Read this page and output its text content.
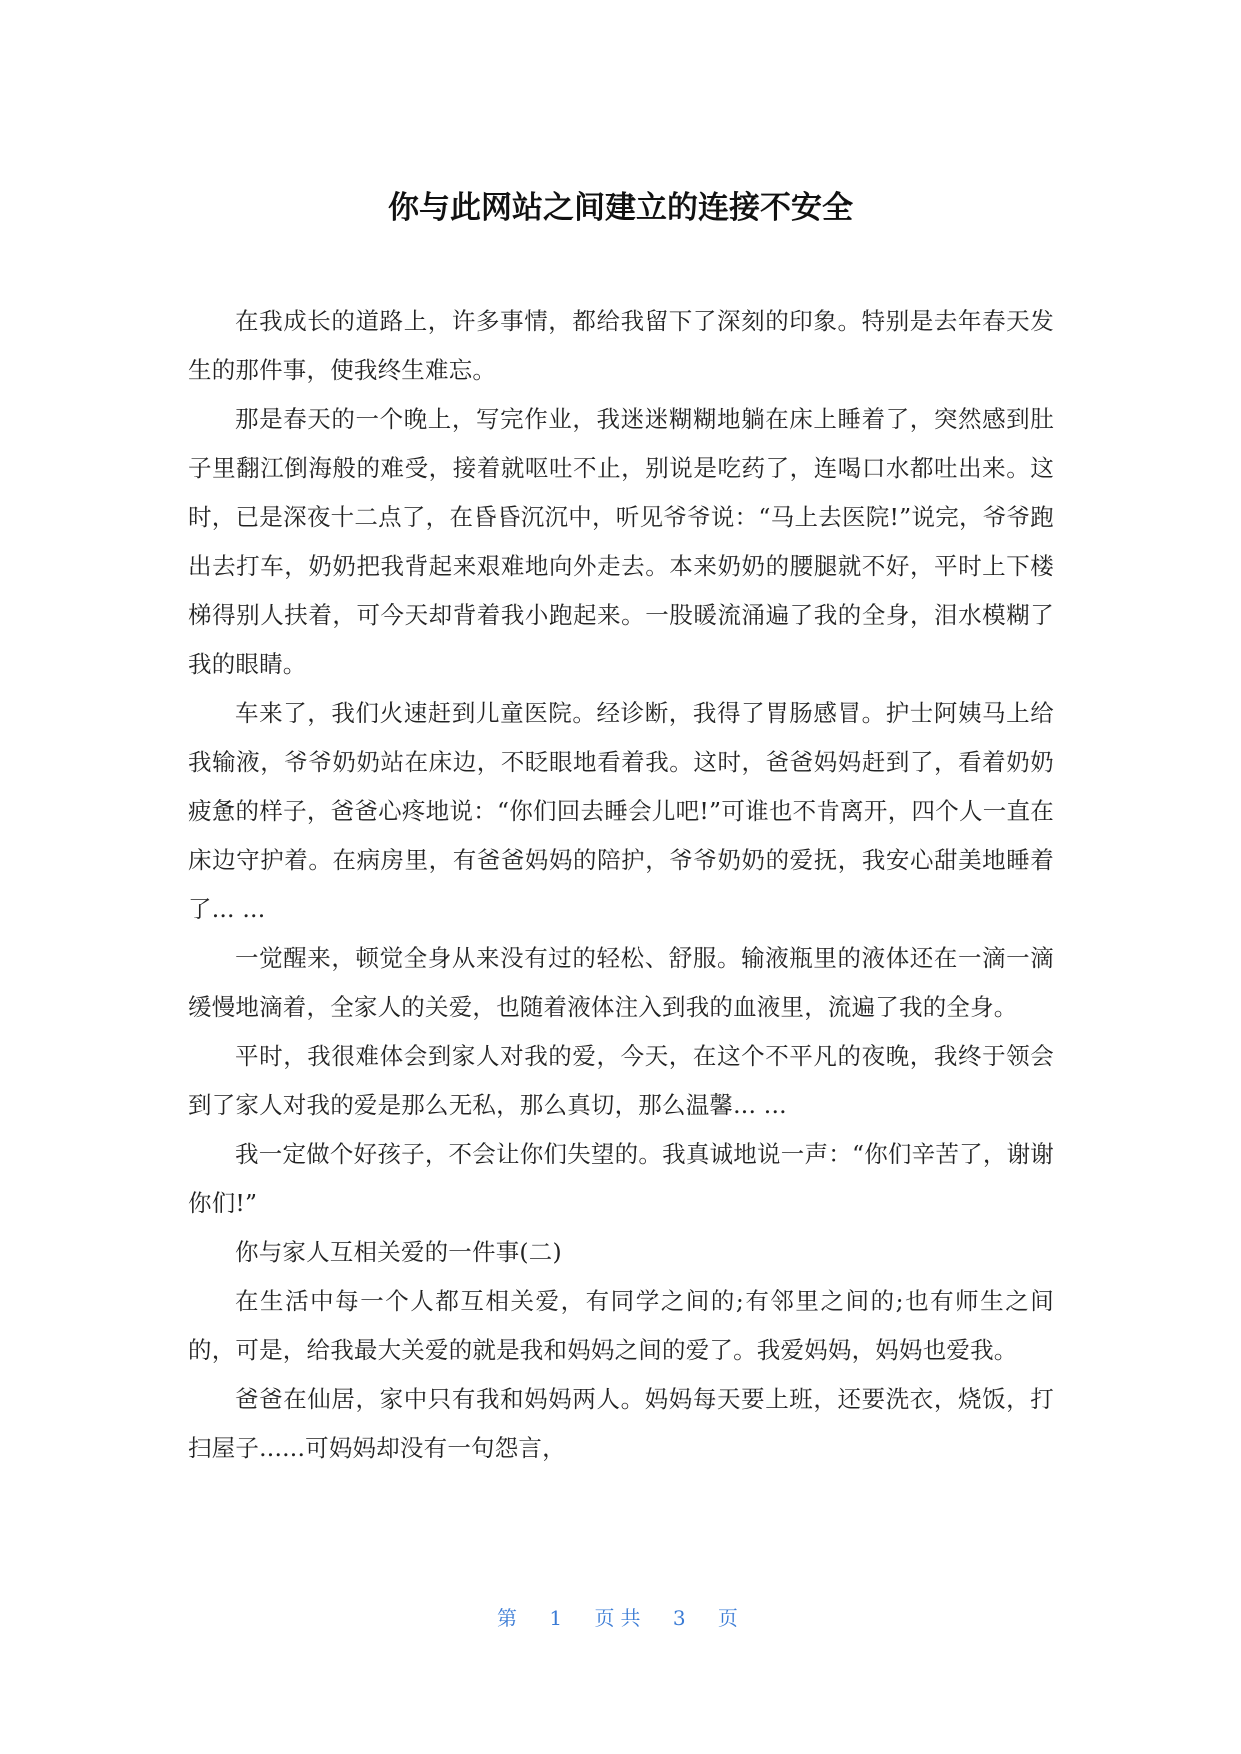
你与此网站之间建立的连接不安全

在我成长的道路上，许多事情，都给我留下了深刻的印象。特别是去年春天发生的那件事，使我终生难忘。

那是春天的一个晚上，写完作业，我迷迷糊糊地躺在床上睡着了，突然感到肚子里翻江倒海般的难受，接着就呕吐不止，别说是吃药了，连喝口水都吐出来。这时，已是深夜十二点了，在昏昏沉沉中，听见爷爷说：“马上去医院!”说完，爷爷跑出去打车，奶奶把我背起来艰难地向外走去。本来奶奶的腰腿就不好，平时上下楼梯得别人扶着，可今天却背着我小跑起来。一股暖流涌遍了我的全身，泪水模糊了我的眼睛。

车来了，我们火速赶到儿童医院。经诊断，我得了胃肠感冒。护士阿姨马上给我输液，爷爷奶奶站在床边，不眨眼地看着我。这时，爸爸妈妈赶到了，看着奶奶疲惫的样子，爸爸心疼地说：“你们回去睡会儿吧!”可谁也不肯离开，四个人一直在床边守护着。在病房里，有爸爸妈妈的陪护，爷爷奶奶的爱抚，我安心甜美地睡着了... ...

一觉醒来，顿觉全身从来没有过的轻松、舒服。输液瓶里的液体还在一滴一滴缓慢地滴着，全家人的关爱，也随着液体注入到我的血液里，流遍了我的全身。

平时，我很难体会到家人对我的爱，今天，在这个不平凡的夜晚，我终于领会到了家人对我的爱是那么无私，那么真切，那么温馨... ...

我一定做个好孩子，不会让你们失望的。我真诚地说一声：“你们辛苦了，谢谢你们!”

你与家人互相关爱的一件事(二)

在生活中每一个人都互相关爱，有同学之间的;有邻里之间的;也有师生之间的，可是，给我最大关爱的就是我和妈妈之间的爱了。我爱妈妈，妈妈也爱我。

爸爸在仙居，家中只有我和妈妈两人。妈妈每天要上班，还要洗衣，烧饭，打扫屋子......可妈妈却没有一句怨言，

第 1 页共 3 页
